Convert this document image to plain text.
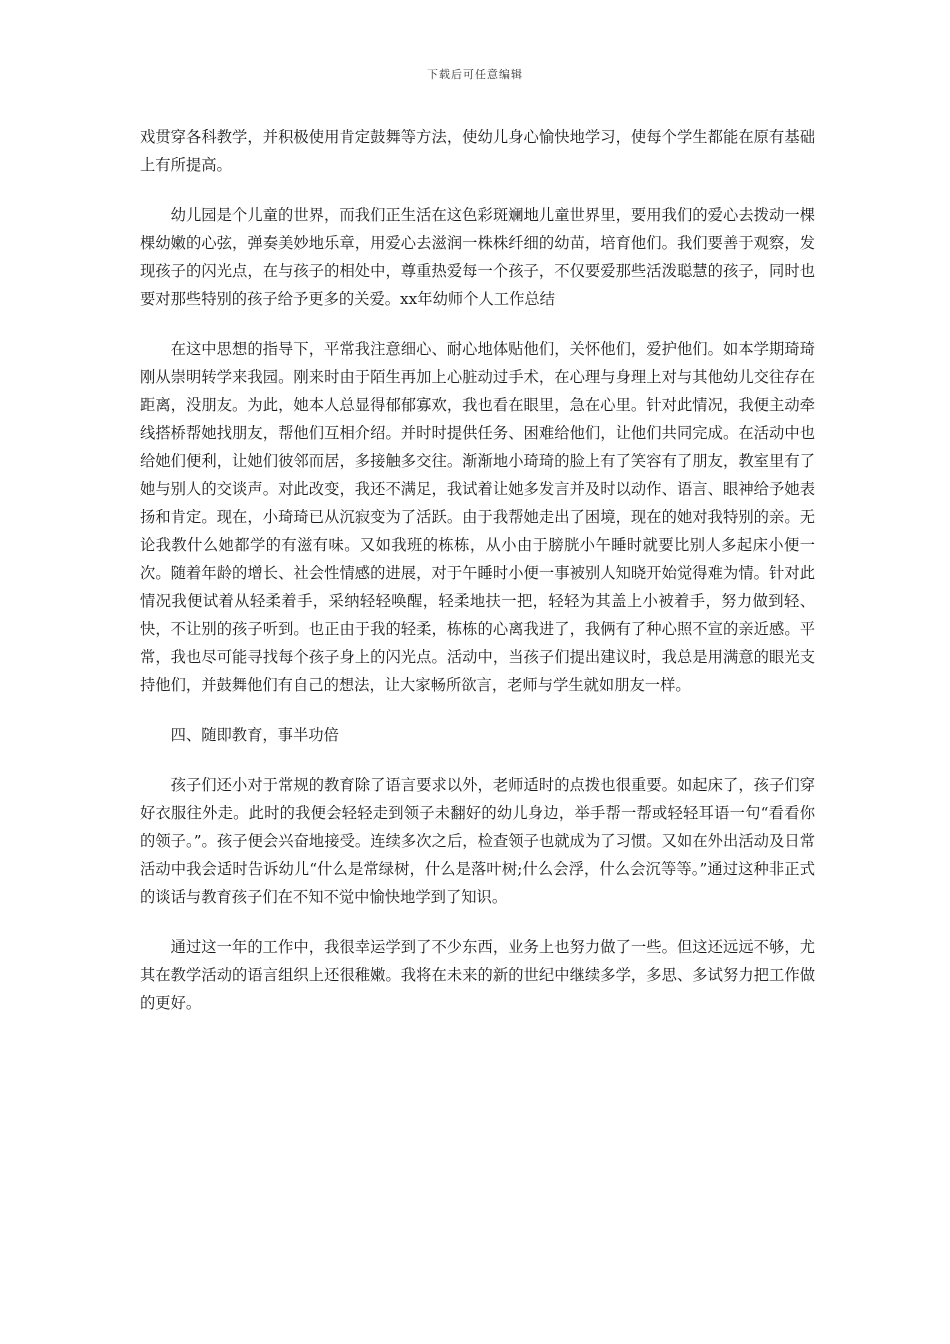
下载后可任意编辑

戏贯穿各科教学，并积极使用肯定鼓舞等方法，使幼儿身心愉快地学习，使每个学生都能在原有基础上有所提高。

幼儿园是个儿童的世界，而我们正生活在这色彩斑斓地儿童世界里，要用我们的爱心去拨动一棵棵幼嫩的心弦，弹奏美妙地乐章，用爱心去滋润一株株纤细的幼苗，培育他们。我们要善于观察，发现孩子的闪光点，在与孩子的相处中，尊重热爱每一个孩子，不仅要爱那些活泼聪慧的孩子，同时也要对那些特别的孩子给予更多的关爱。xx年幼师个人工作总结

在这中思想的指导下，平常我注意细心、耐心地体贴他们，关怀他们，爱护他们。如本学期琦琦刚从崇明转学来我园。刚来时由于陌生再加上心脏动过手术，在心理与身理上对与其他幼儿交往存在距离，没朋友。为此，她本人总显得郁郁寡欢，我也看在眼里，急在心里。针对此情况，我便主动牵线搭桥帮她找朋友，帮他们互相介绍。并时时提供任务、困难给他们，让他们共同完成。在活动中也给她们便利，让她们彼邻而居，多接触多交往。渐渐地小琦琦的脸上有了笑容有了朋友，教室里有了她与别人的交谈声。对此改变，我还不满足，我试着让她多发言并及时以动作、语言、眼神给予她表扬和肯定。现在，小琦琦已从沉寂变为了活跃。由于我帮她走出了困境，现在的她对我特别的亲。无论我教什么她都学的有滋有味。又如我班的栋栋，从小由于膀胱小午睡时就要比别人多起床小便一次。随着年龄的增长、社会性情感的进展，对于午睡时小便一事被别人知晓开始觉得难为情。针对此情况我便试着从轻柔着手，采纳轻轻唤醒，轻柔地扶一把，轻轻为其盖上小被着手，努力做到轻、快，不让别的孩子听到。也正由于我的轻柔，栋栋的心离我进了，我俩有了种心照不宣的亲近感。平常，我也尽可能寻找每个孩子身上的闪光点。活动中，当孩子们提出建议时，我总是用满意的眼光支持他们，并鼓舞他们有自己的想法，让大家畅所欲言，老师与学生就如朋友一样。

四、随即教育，事半功倍

孩子们还小对于常规的教育除了语言要求以外，老师适时的点拨也很重要。如起床了，孩子们穿好衣服往外走。此时的我便会轻轻走到领子未翻好的幼儿身边，举手帮一帮或轻轻耳语一句“看看你的领子。”。孩子便会兴奋地接受。连续多次之后，检查领子也就成为了习惯。又如在外出活动及日常活动中我会适时告诉幼儿“什么是常绿树，什么是落叶树;什么会浮，什么会沉等等。”通过这种非正式的谈话与教育孩子们在不知不觉中愉快地学到了知识。

通过这一年的工作中，我很幸运学到了不少东西，业务上也努力做了一些。但这还远远不够，尤其在教学活动的语言组织上还很稚嫩。我将在未来的新的世纪中继续多学，多思、多试努力把工作做的更好。
